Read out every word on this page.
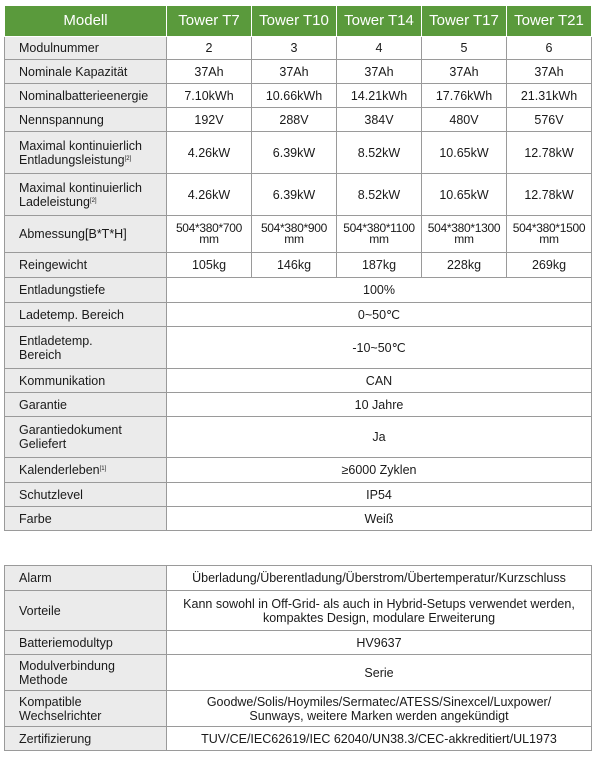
Modell	Tower T7	Tower T10	Tower T14	Tower T17	Tower T21
Modulnummer	2	3	4	5	6
Nominale Kapazität	37Ah	37Ah	37Ah	37Ah	37Ah
Nominalbatterieenergie	7.10kWh	10.66kWh	14.21kWh	17.76kWh	21.31kWh
Nennspannung	192V	288V	384V	480V	576V
Maximal kontinuierlich
Entladungsleistung[2]	4.26kW	6.39kW	8.52kW	10.65kW	12.78kW
Maximal kontinuierlich
Ladeleistung[2]	4.26kW	6.39kW	8.52kW	10.65kW	12.78kW
Abmessung[B*T*H]	504*380*700 mm	504*380*900 mm	504*380*1100 mm	504*380*1300 mm	504*380*1500 mm
Reingewicht	105kg	146kg	187kg	228kg	269kg
Entladungstiefe	100%				
Ladetemp. Bereich	0~50℃				
Entladetemp.
Bereich	-10~50℃				
Kommunikation	CAN				
Garantie	10 Jahre				
Garantiedokument
Geliefert	Ja				
Kalenderleben[1]	≥6000 Zyklen				
Schutzlevel	IP54				
Farbe	Weiß				
Alarm	Überladung/Überentladung/Überstrom/Übertemperatur/Kurzschluss
Vorteile	Kann sowohl in Off-Grid- als auch in Hybrid-Setups verwendet werden,
kompaktes Design, modulare Erweiterung
Batteriemodultyp	HV9637
Modulverbindung
Methode	Serie
Kompatible
Wechselrichter	Goodwe/Solis/Hoymiles/Sermatec/ATESS/Sinexcel/Luxpower/
Sunways, weitere Marken werden angekündigt
Zertifizierung	TUV/CE/IEC62619/IEC 62040/UN38.3/CEC-akkreditiert/UL1973
